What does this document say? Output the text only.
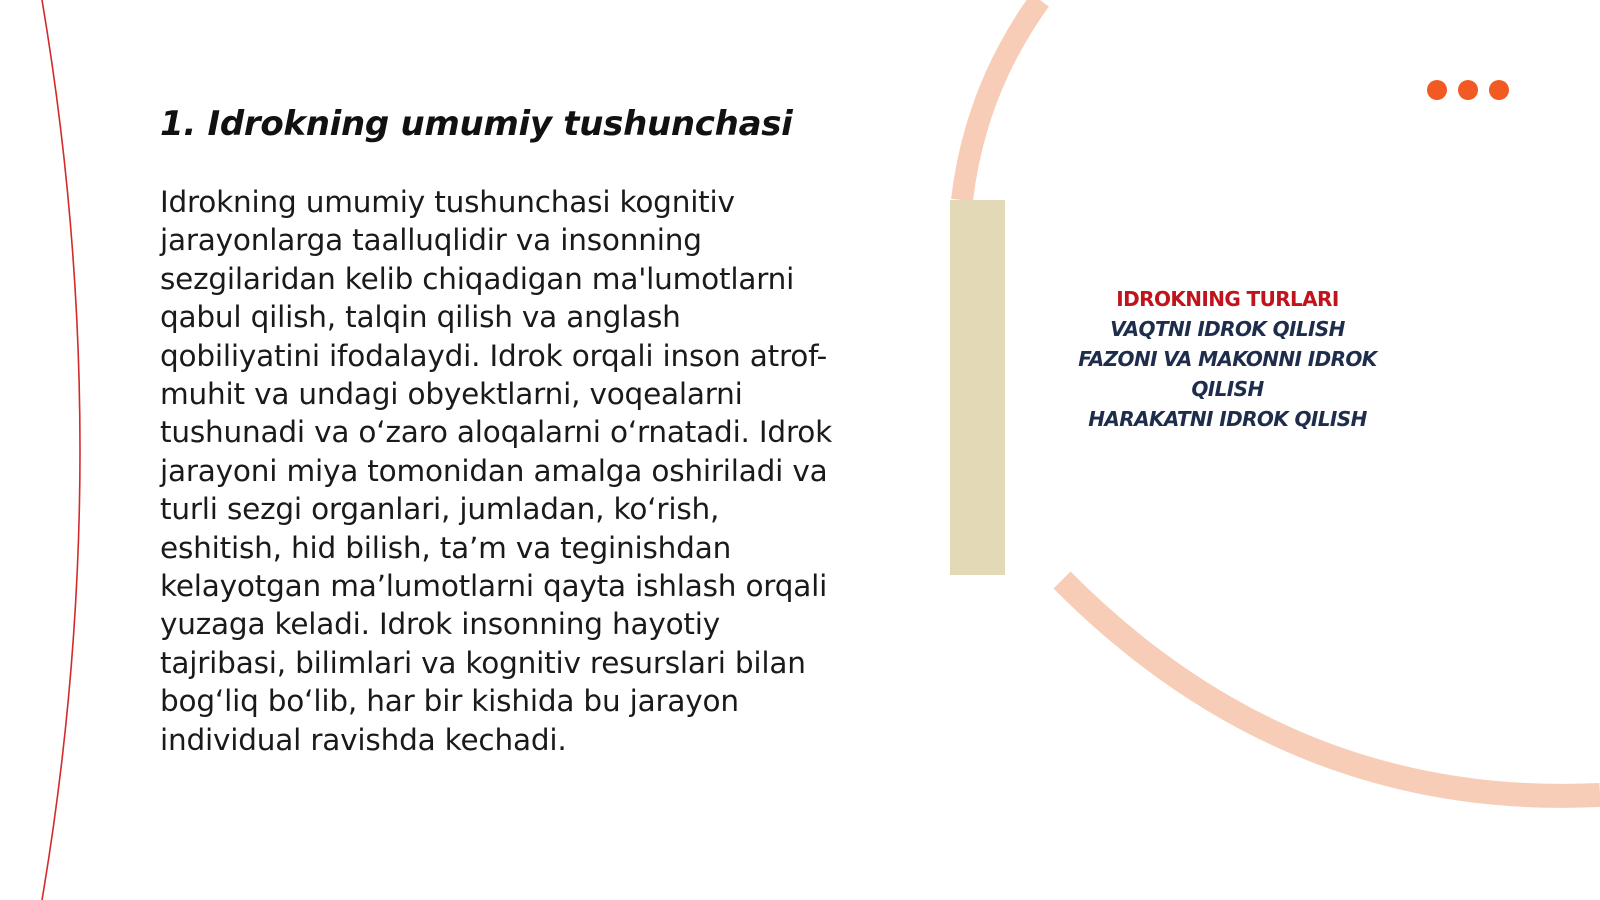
1. Idrokning umumiy tushunchasi

Idrokning umumiy tushunchasi kognitiv jarayonlarga taalluqlidir va insonning sezgilaridan kelib chiqadigan ma'lumotlarni qabul qilish, talqin qilish va anglash qobiliyatini ifodalaydi. Idrok orqali inson atrof-muhit va undagi obyektlarni, voqealarni tushunadi va o‘zaro aloqalarni o‘rnatadi. Idrok jarayoni miya tomonidan amalga oshiriladi va turli sezgi organlari, jumladan, ko‘rish, eshitish, hid bilish, ta’m va teginishdan kelayotgan ma’lumotlarni qayta ishlash orqali yuzaga keladi. Idrok insonning hayotiy tajribasi, bilimlari va kognitiv resurslari bilan bog‘liq bo‘lib, har bir kishida bu jarayon individual ravishda kechadi.

IDROKNING TURLARI
VAQTNI IDROK QILISH
FAZONI VA MAKONNI IDROK QILISH
HARAKATNI IDROK QILISH
